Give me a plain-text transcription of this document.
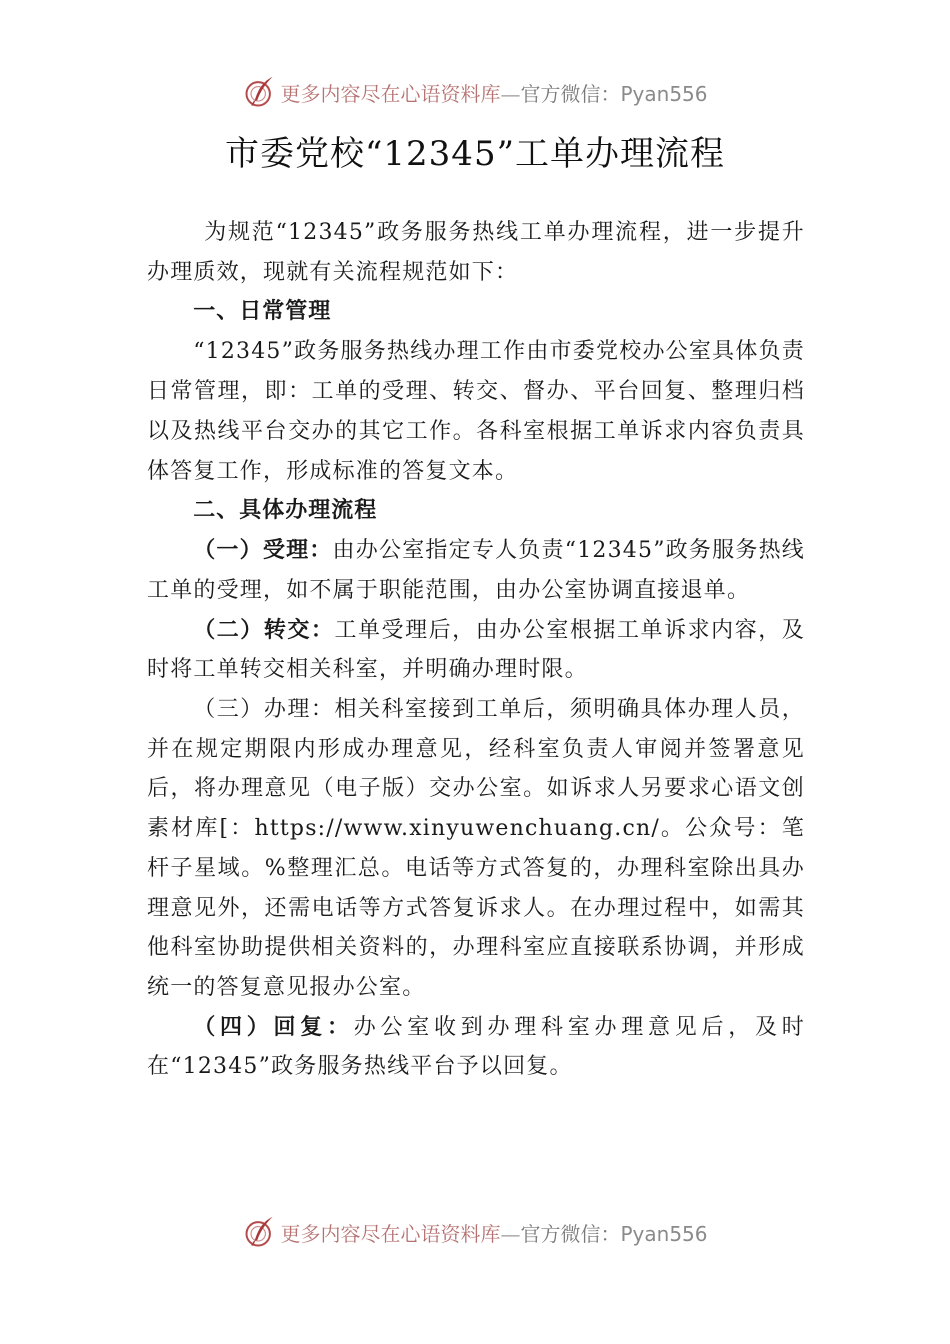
更多内容尽在心语资料库—官方微信：Pyan556
市委党校“12345”工单办理流程

为规范“12345”政务服务热线工单办理流程，进一步提升办理质效，现就有关流程规范如下：

一、日常管理

“12345”政务服务热线办理工作由市委党校办公室具体负责日常管理，即：工单的受理、转交、督办、平台回复、整理归档以及热线平台交办的其它工作。各科室根据工单诉求内容负责具体答复工作，形成标准的答复文本。

二、具体办理流程

（一）受理：由办公室指定专人负责“12345”政务服务热线工单的受理，如不属于职能范围，由办公室协调直接退单。

（二）转交：工单受理后，由办公室根据工单诉求内容，及时将工单转交相关科室，并明确办理时限。

（三）办理：相关科室接到工单后，须明确具体办理人员，并在规定期限内形成办理意见，经科室负责人审阅并签署意见后，将办理意见（电子版）交办公室。如诉求人另要求心语文创素材库[：https://www.xinyuwenchuang.cn/。公众号：笔杆子星域。%整理汇总。电话等方式答复的，办理科室除出具办理意见外，还需电话等方式答复诉求人。在办理过程中，如需其他科室协助提供相关资料的，办理科室应直接联系协调，并形成统一的答复意见报办公室。

（四）回复：办公室收到办理科室办理意见后，及时在“12345”政务服务热线平台予以回复。

更多内容尽在心语资料库—官方微信：Pyan556
